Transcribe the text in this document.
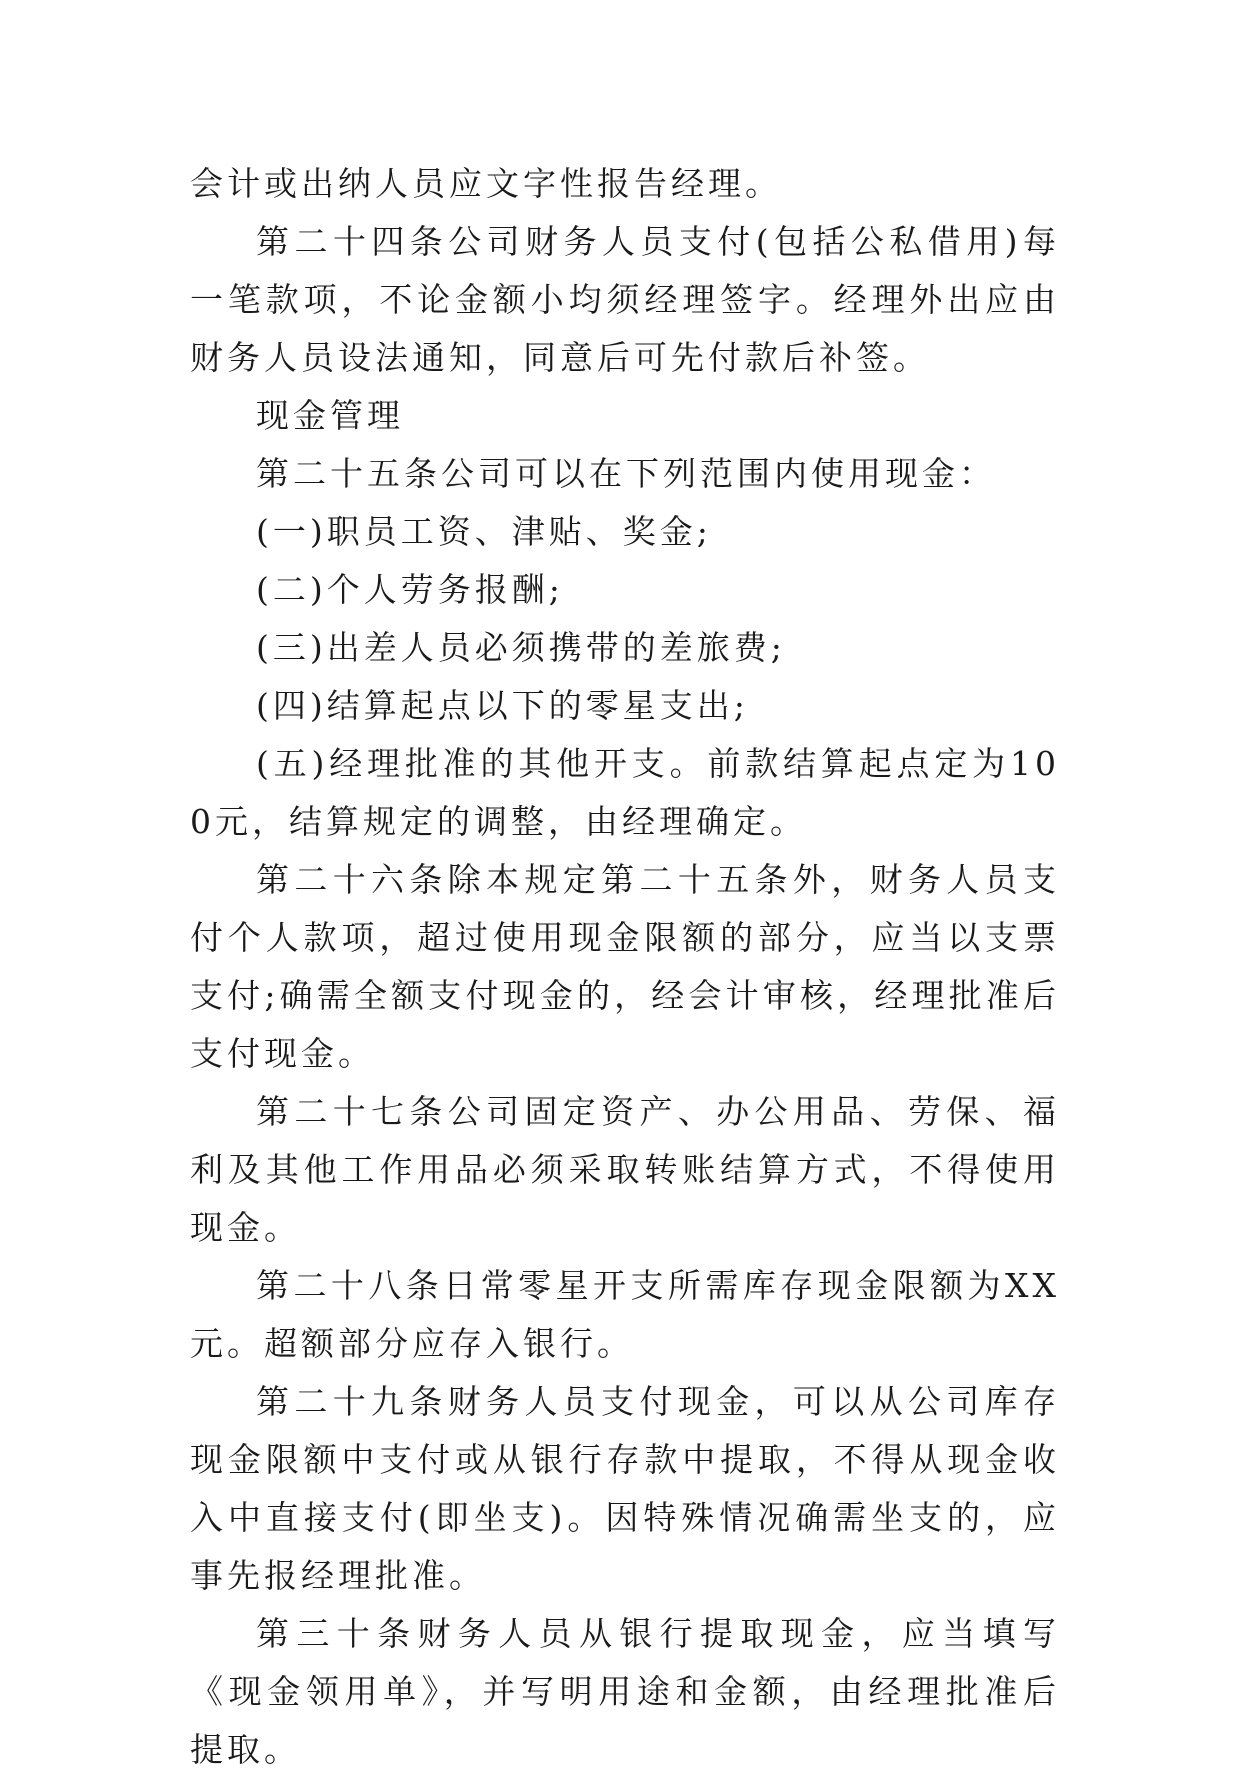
会计或出纳人员应文字性报告经理。

第二十四条公司财务人员支付(包括公私借用)每一笔款项，不论金额小均须经理签字。经理外出应由财务人员设法通知，同意后可先付款后补签。

现金管理

第二十五条公司可以在下列范围内使用现金：

(一)职员工资、津贴、奖金;

(二)个人劳务报酬;

(三)出差人员必须携带的差旅费;

(四)结算起点以下的零星支出;

(五)经理批准的其他开支。前款结算起点定为100元，结算规定的调整，由经理确定。

第二十六条除本规定第二十五条外，财务人员支付个人款项，超过使用现金限额的部分，应当以支票支付;确需全额支付现金的，经会计审核，经理批准后支付现金。

第二十七条公司固定资产、办公用品、劳保、福利及其他工作用品必须采取转账结算方式，不得使用现金。

第二十八条日常零星开支所需库存现金限额为XX元。超额部分应存入银行。

第二十九条财务人员支付现金，可以从公司库存现金限额中支付或从银行存款中提取，不得从现金收入中直接支付(即坐支)。因特殊情况确需坐支的，应事先报经理批准。

第三十条财务人员从银行提取现金，应当填写《现金领用单》，并写明用途和金额，由经理批准后提取。
